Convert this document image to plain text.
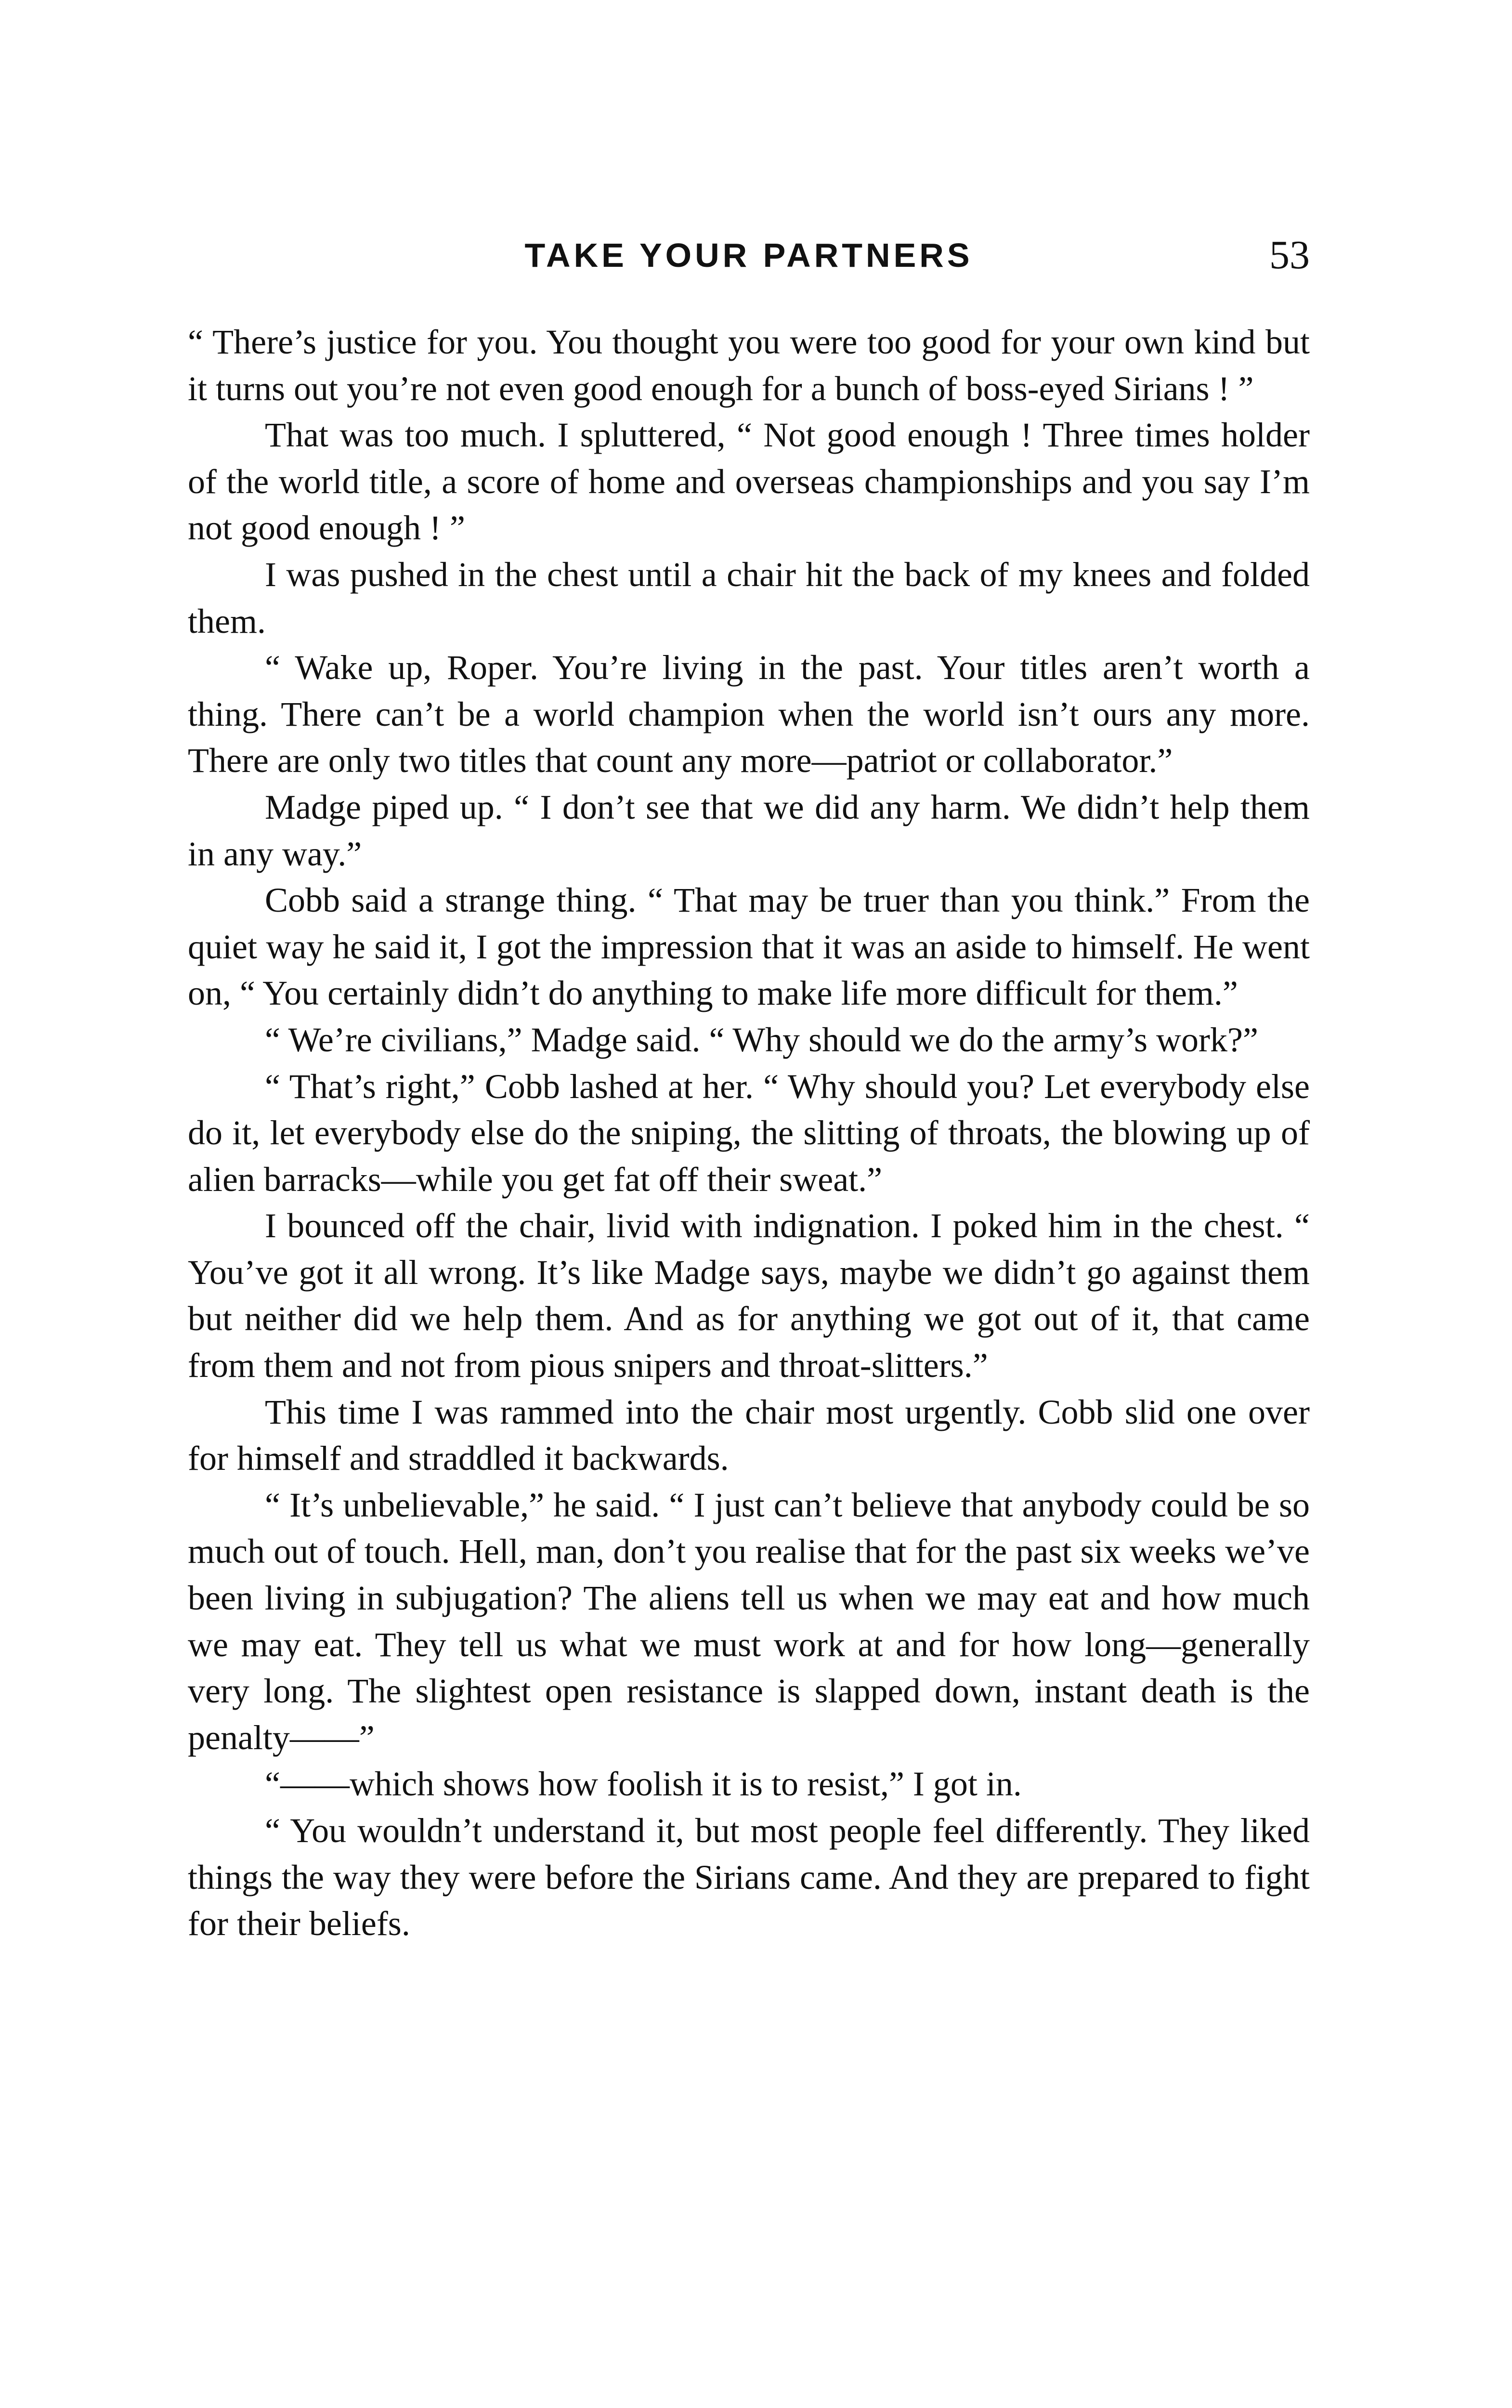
TAKE YOUR PARTNERS	53

“ There’s justice for you. You thought you were too good for your own kind but it turns out you’re not even good enough for a bunch of boss-eyed Sirians ! ”

That was too much. I spluttered, “ Not good enough ! Three times holder of the world title, a score of home and overseas championships and you say I’m not good enough ! ”

I was pushed in the chest until a chair hit the back of my knees and folded them.

“ Wake up, Roper. You’re living in the past. Your titles aren’t worth a thing. There can’t be a world champion when the world isn’t ours any more. There are only two titles that count any more—patriot or collaborator.”

Madge piped up. “ I don’t see that we did any harm. We didn’t help them in any way.”

Cobb said a strange thing. “ That may be truer than you think.” From the quiet way he said it, I got the impression that it was an aside to himself. He went on, “ You certainly didn’t do anything to make life more difficult for them.”

“ We’re civilians,” Madge said. “ Why should we do the army’s work?”

“ That’s right,” Cobb lashed at her. “ Why should you? Let everybody else do it, let everybody else do the sniping, the slitting of throats, the blowing up of alien barracks—while you get fat off their sweat.”

I bounced off the chair, livid with indignation. I poked him in the chest. “ You’ve got it all wrong. It’s like Madge says, maybe we didn’t go against them but neither did we help them. And as for anything we got out of it, that came from them and not from pious snipers and throat-slitters.”

This time I was rammed into the chair most urgently. Cobb slid one over for himself and straddled it backwards.

“ It’s unbelievable,” he said. “ I just can’t believe that anybody could be so much out of touch. Hell, man, don’t you realise that for the past six weeks we’ve been living in subjugation? The aliens tell us when we may eat and how much we may eat. They tell us what we must work at and for how long—generally very long. The slightest open resistance is slapped down, instant death is the penalty——”

“——which shows how foolish it is to resist,” I got in.

“ You wouldn’t understand it, but most people feel differently. They liked things the way they were before the Sirians came. And they are prepared to fight for their beliefs.
